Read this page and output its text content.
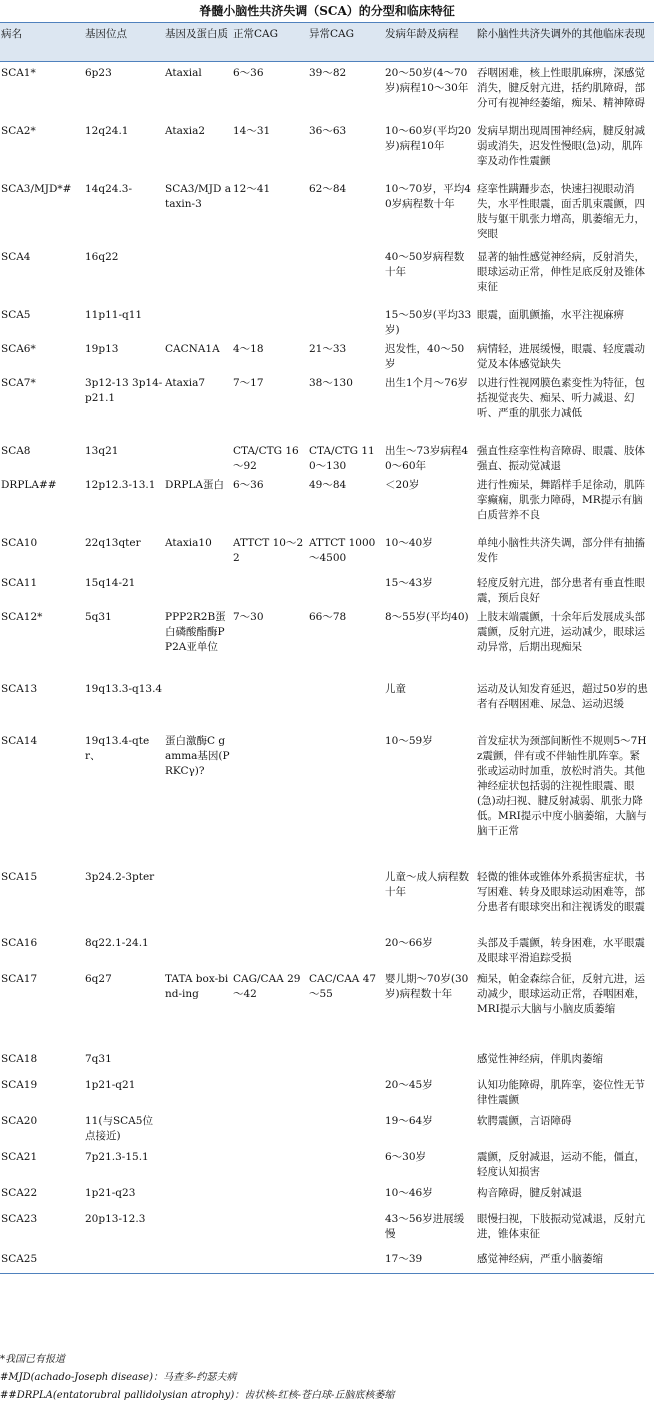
脊髓小脑性共济失调（SCA）的分型和临床特征
病名	基因位点	基因及蛋白质	正常CAG	异常CAG	发病年龄及病程	除小脑性共济失调外的其他临床表现
SCA1*	6p23	Ataxial	6～36	39～82	20～50岁(4～70岁)病程10～30年	吞咽困难，核上性眼肌麻痹，深感觉消失，腱反射亢进，括约肌障碍，部分可有视神经萎缩，痴呆、精神障碍
SCA2*	12q24.1	Ataxia2	14～31	36～63	10～60岁(平均20岁)病程10年	发病早期出现周围神经病，腱反射减弱或消失，迟发性慢眼(急)动，肌阵挛及动作性震颤
SCA3/MJD*#	14q24.3-	SCA3/MJD ataxin-3	12～41	62～84	10～70岁，平均40岁病程数十年	痉挛性蹒跚步态，快速扫视眼动消失，水平性眼震，面舌肌束震颤，四肢与躯干肌张力增高，肌萎缩无力，突眼
SCA4	16q22				40～50岁病程数十年	显著的轴性感觉神经病，反射消失，眼球运动正常，伸性足底反射及锥体束征
SCA5	11p11-q11				15～50岁(平均33岁)	眼震，面肌颤搐，水平注视麻痹
SCA6*	19p13	CACNA1A	4～18	21～33	迟发性，40～50岁	病情轻，进展缓慢，眼震、轻度震动觉及本体感觉缺失
SCA7*	3p12-13 3p14-p21.1	Ataxia7	7～17	38～130	出生1个月～76岁	以进行性视网膜色素变性为特征，包括视觉丧失、痴呆、听力减退、幻听、严重的肌张力减低
SCA8	13q21		CTA/CTG 16～92	CTA/CTG 110～130	出生～73岁病程40～60年	强直性痉挛性构音障碍、眼震、肢体强直、振动觉减退
DRPLA##	12p12.3-13.1	DRPLA蛋白	6～36	49～84	＜20岁	进行性痴呆，舞蹈样手足徐动，肌阵挛癫痫，肌张力障碍，MR提示有脑白质营养不良
SCA10	22q13qter	Ataxia10	ATTCT 10～22	ATTCT 1000～4500	10～40岁	单纯小脑性共济失调，部分伴有抽搐发作
SCA11	15q14-21				15～43岁	轻度反射亢进，部分患者有垂直性眼震，预后良好
SCA12*	5q31	PPP2R2B蛋白磷酸酯酶PP2A亚单位	7～30	66～78	8～55岁(平均40)	上肢末端震颤，十余年后发展成头部震颤，反射亢进，运动减少，眼球运动异常，后期出现痴呆
SCA13	19q13.3-q13.4				儿童	运动及认知发育延迟，超过50岁的患者有吞咽困难、尿急、运动迟缓
SCA14	19q13.4-qter、	蛋白激酶C gamma基因(PRKCγ)?			10～59岁	首发症状为颈部间断性不规则5～7Hz震颤，伴有或不伴轴性肌阵挛。紧张或运动时加重，放松时消失。其他神经症状包括弱的注视性眼震、眼(急)动扫视、腱反射减弱、肌张力降低。MRI提示中度小脑萎缩，大脑与脑干正常
SCA15	3p24.2-3pter				儿童～成人病程数十年	轻微的锥体或锥体外系损害症状，书写困难、转身及眼球运动困难等，部分患者有眼球突出和注视诱发的眼震
SCA16	8q22.1-24.1				20～66岁	头部及手震颤，转身困难，水平眼震及眼球平滑追踪受损
SCA17	6q27	TATA box-bind-ing	CAG/CAA 29～42	CAC/CAA 47～55	婴儿期～70岁(30岁)病程数十年	痴呆，帕金森综合征，反射亢进，运动减少，眼球运动正常，吞咽困难，MRI提示大脑与小脑皮质萎缩
SCA18	7q31					感觉性神经病，伴肌肉萎缩
SCA19	1p21-q21				20～45岁	认知功能障碍，肌阵挛，姿位性无节律性震颤
SCA20	11(与SCA5位点接近)				19～64岁	软腭震颤，言语障碍
SCA21	7p21.3-15.1				6～30岁	震颤，反射减退，运动不能，僵直，轻度认知损害
SCA22	1p21-q23				10～46岁	构音障碍，腱反射减退
SCA23	20p13-12.3				43～56岁进展缓慢	眼慢扫视，下肢振动觉减退，反射亢进，锥体束征
SCA25					17～39	感觉神经病，严重小脑萎缩
*我国已有报道
#MJD(achado-Joseph disease)：马查多-约瑟夫病
##DRPLA(entatorubral pallidolysian atrophy)：齿状核-红核-苍白球-丘脑底核萎缩
